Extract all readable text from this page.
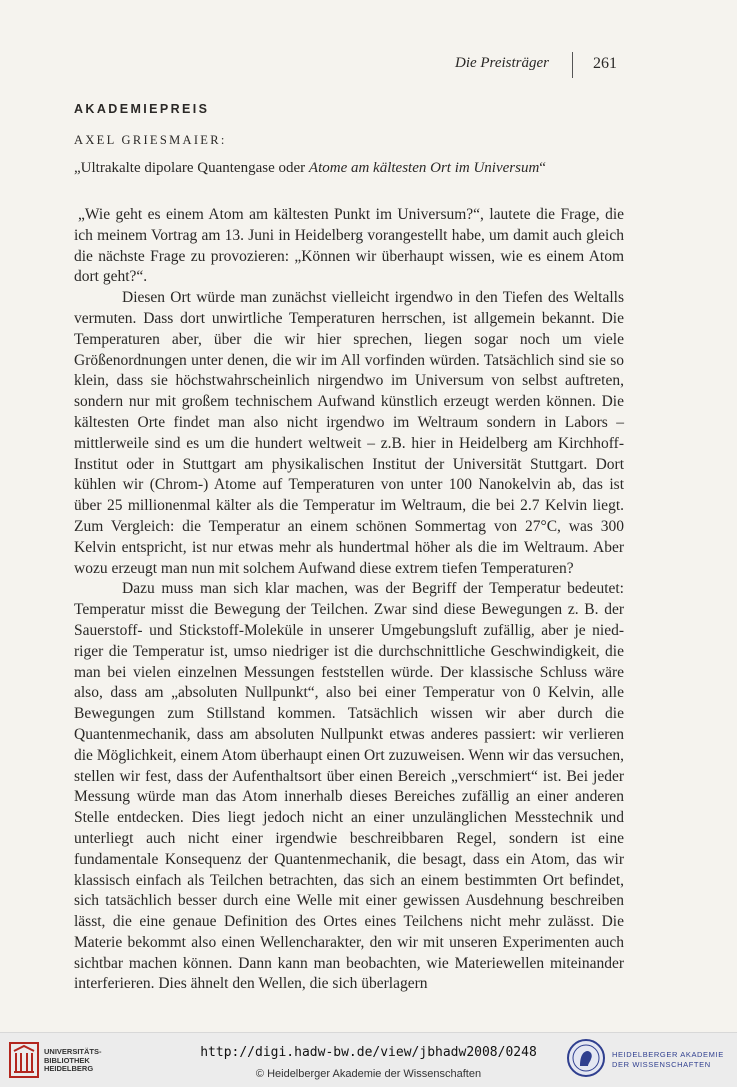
Die Preisträger	261
AKADEMIEPREIS
AXEL GRIESMAIER:
„Ultrakalte dipolare Quantengase oder Atome am kältesten Ort im Universum“

„Wie geht es einem Atom am kältesten Punkt im Universum?“, lautete die Frage, die ich meinem Vortrag am 13. Juni in Heidelberg vorangestellt habe, um damit auch gleich die nächste Frage zu provozieren: „Können wir überhaupt wissen, wie es einem Atom dort geht?“.

Diesen Ort würde man zunächst vielleicht irgendwo in den Tiefen des Weltalls vermuten. Dass dort unwirtliche Temperaturen herrschen, ist allgemein bekannt. Die Temperaturen aber, über die wir hier sprechen, liegen sogar noch um viele Größenordnungen unter denen, die wir im All vorfinden würden. Tatsächlich sind sie so klein, dass sie höchstwahrscheinlich nirgendwo im Universum von selbst auftreten, sondern nur mit großem technischem Aufwand künstlich erzeugt werden können. Die kältesten Orte findet man also nicht irgendwo im Weltraum sondern in Labors – mittlerweile sind es um die hundert weltweit – z.B. hier in Heidelberg am Kirchhoff-Institut oder in Stuttgart am physikalischen Institut der Universität Stuttgart. Dort kühlen wir (Chrom-) Atome auf Temperaturen von unter 100 Nanokelvin ab, das ist über 25 millionenmal kälter als die Temperatur im Weltraum, die bei 2.7 Kelvin liegt. Zum Vergleich: die Temperatur an einem schönen Sommertag von 27°C, was 300 Kelvin entspricht, ist nur etwas mehr als hundertmal höher als die im Weltraum. Aber wozu erzeugt man nun mit solchem Aufwand diese extrem tiefen Temperaturen?

Dazu muss man sich klar machen, was der Begriff der Temperatur bedeutet: Temperatur misst die Bewegung der Teilchen. Zwar sind diese Bewegungen z. B. der Sauerstoff- und Stickstoff-Moleküle in unserer Umgebungsluft zufällig, aber je niedriger die Temperatur ist, umso niedriger ist die durchschnittliche Geschwindigkeit, die man bei vielen einzelnen Messungen feststellen würde. Der klassische Schluss wäre also, dass am „absoluten Nullpunkt“, also bei einer Temperatur von 0 Kelvin, alle Bewegungen zum Stillstand kommen. Tatsächlich wissen wir aber durch die Quantenmechanik, dass am absoluten Nullpunkt etwas anderes passiert: wir verlieren die Möglichkeit, einem Atom überhaupt einen Ort zuzuweisen. Wenn wir das versuchen, stellen wir fest, dass der Aufenthaltsort über einen Bereich „verschmiert“ ist. Bei jeder Messung würde man das Atom innerhalb dieses Bereiches zufällig an einer anderen Stelle entdecken. Dies liegt jedoch nicht an einer unzulänglichen Messtechnik und unterliegt auch nicht einer irgendwie beschreibbaren Regel, sondern ist eine fundamentale Konsequenz der Quantenmechanik, die besagt, dass ein Atom, das wir klassisch einfach als Teilchen betrachten, das sich an einem bestimmten Ort befindet, sich tatsächlich besser durch eine Welle mit einer gewissen Ausdehnung beschreiben lässt, die eine genaue Definition des Ortes eines Teilchens nicht mehr zulässt. Die Materie bekommt also einen Wellencharakter, den wir mit unseren Experimenten auch sichtbar machen können. Dann kann man beobachten, wie Materiewellen miteinander interferieren. Dies ähnelt den Wellen, die sich überlagern

UNIVERSITÄTS-
BIBLIOTHEK
HEIDELBERG
http://digi.hadw-bw.de/view/jbhadw2008/0248
© Heidelberger Akademie der Wissenschaften
HEIDELBERGER AKADEMIE
DER WISSENSCHAFTEN
